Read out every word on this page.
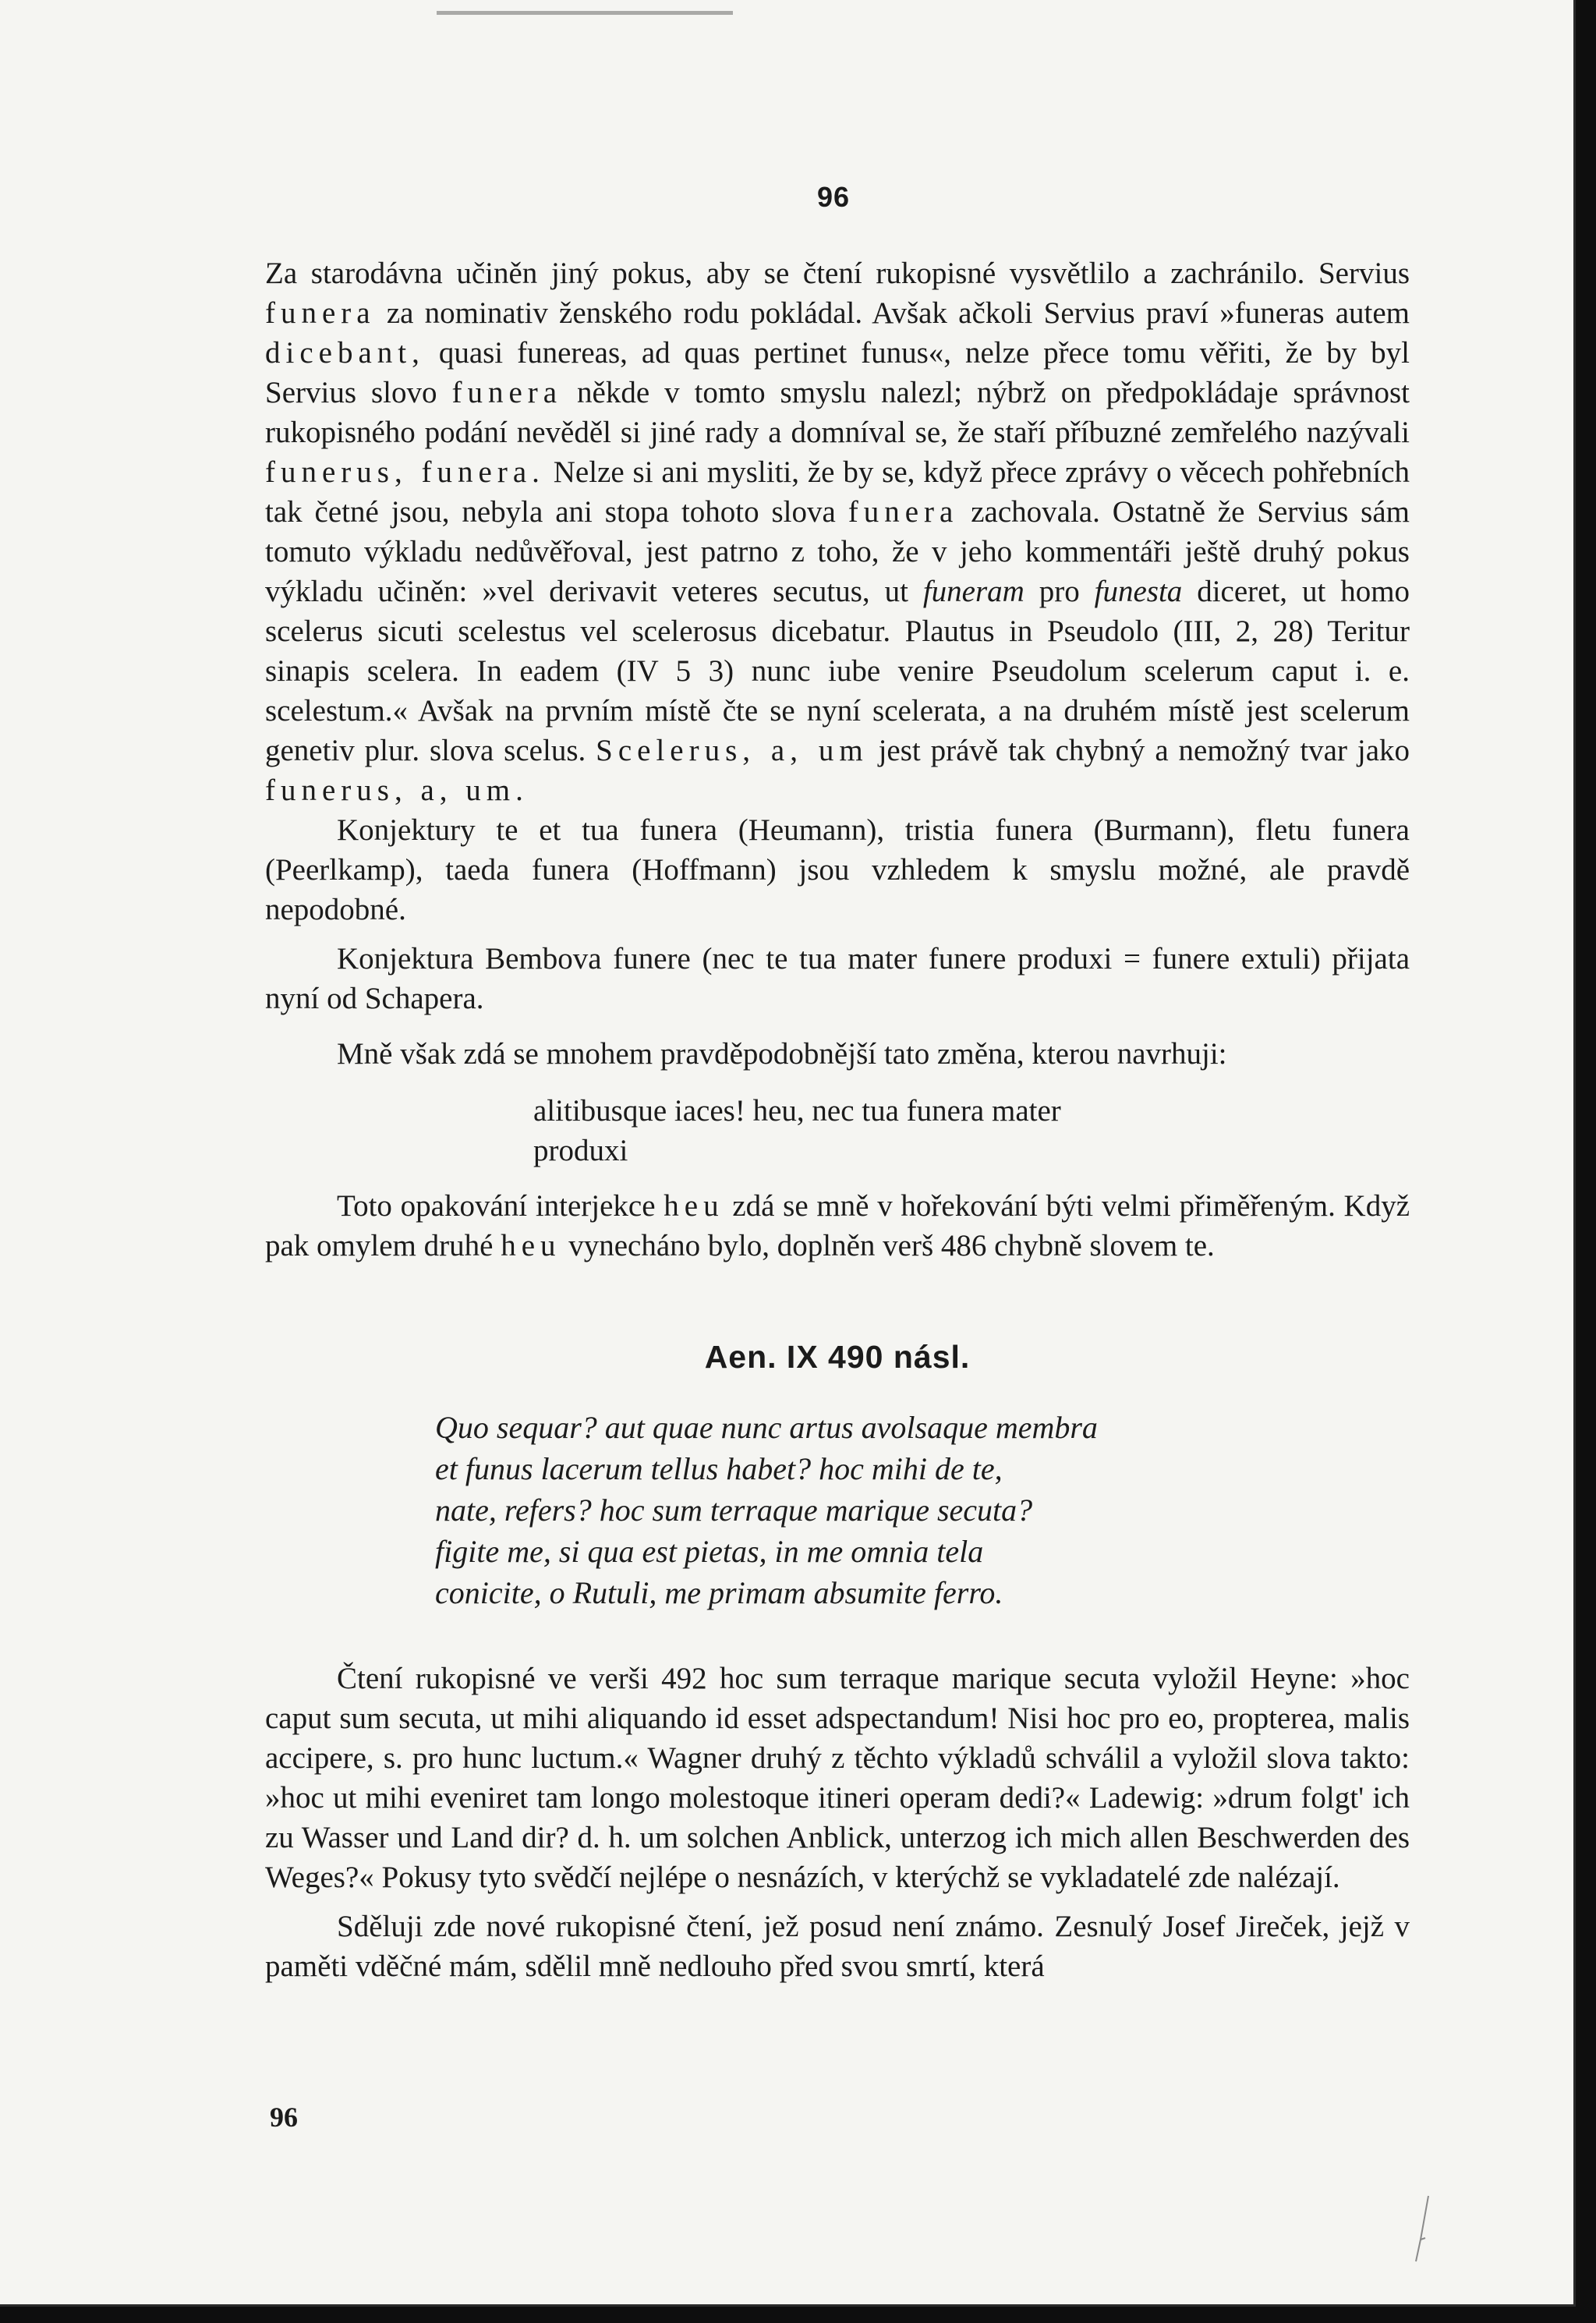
96

Za starodávna učiněn jiný pokus, aby se čtení rukopisné vysvětlilo a zachránilo. Servius funera za nominativ ženského rodu pokládal. Avšak ačkoli Servius praví »funeras autem dicebant, quasi funereas, ad quas pertinet funus«, nelze přece tomu věřiti, že by byl Servius slovo funera někde v tomto smyslu nalezl; nýbrž on předpokládaje správnost rukopisného podání nevěděl si jiné rady a domníval se, že staří příbuzné zemřelého nazývali funerus, funera. Nelze si ani mysliti, že by se, když přece zprávy o věcech pohřebních tak četné jsou, nebyla ani stopa tohoto slova funera zachovala. Ostatně že Servius sám tomuto výkladu nedůvěřoval, jest patrno z toho, že v jeho kommentáři ještě druhý pokus výkladu učiněn: »vel derivavit veteres secutus, ut funeram pro funesta diceret, ut homo scelerus sicuti scelestus vel scelerosus dicebatur. Plautus in Pseudolo (III, 2, 28) Teritur sinapis scelera. In eadem (IV 5 3) nunc iube venire Pseudolum scelerum caput i. e. scelestum.« Avšak na prvním místě čte se nyní scelerata, a na druhém místě jest scelerum genetiv plur. slova scelus. Scelerus, a, um jest právě tak chybný a nemožný tvar jako funerus, a, um.

Konjektury te et tua funera (Heumann), tristia funera (Burmann), fletu funera (Peerlkamp), taeda funera (Hoffmann) jsou vzhledem k smyslu možné, ale pravdě nepodobné.

Konjektura Bembova funere (nec te tua mater funere produxi = funere extuli) přijata nyní od Schapera.

Mně však zdá se mnohem pravděpodobnější tato změna, kterou navrhuji:

alitibusque iaces! heu, nec tua funera mater
produxi

Toto opakování interjekce heu zdá se mně v hořekování býti velmi přiměřeným. Když pak omylem druhé heu vynecháno bylo, doplněn verš 486 chybně slovem te.

Aen. IX 490 násl.

Quo sequar? aut quae nunc artus avolsaque membra
et funus lacerum tellus habet? hoc mihi de te,
nate, refers? hoc sum terraque marique secuta?
figite me, si qua est pietas, in me omnia tela
conicite, o Rutuli, me primam absumite ferro.

Čtení rukopisné ve verši 492 hoc sum terraque marique secuta vyložil Heyne: »hoc caput sum secuta, ut mihi aliquando id esset adspectandum! Nisi hoc pro eo, propterea, malis accipere, s. pro hunc luctum.« Wagner druhý z těchto výkladů schválil a vyložil slova takto: »hoc ut mihi eveniret tam longo molestoque itineri operam dedi?« Ladewig: »drum folgt' ich zu Wasser und Land dir? d. h. um solchen Anblick, unterzog ich mich allen Beschwerden des Weges?« Pokusy tyto svědčí nejlépe o nesnázích, v kterýchž se vykladatelé zde nalézají.

Sděluji zde nové rukopisné čtení, jež posud není známo. Zesnulý Josef Jireček, jejž v paměti vděčné mám, sdělil mně nedlouho před svou smrtí, která

96
